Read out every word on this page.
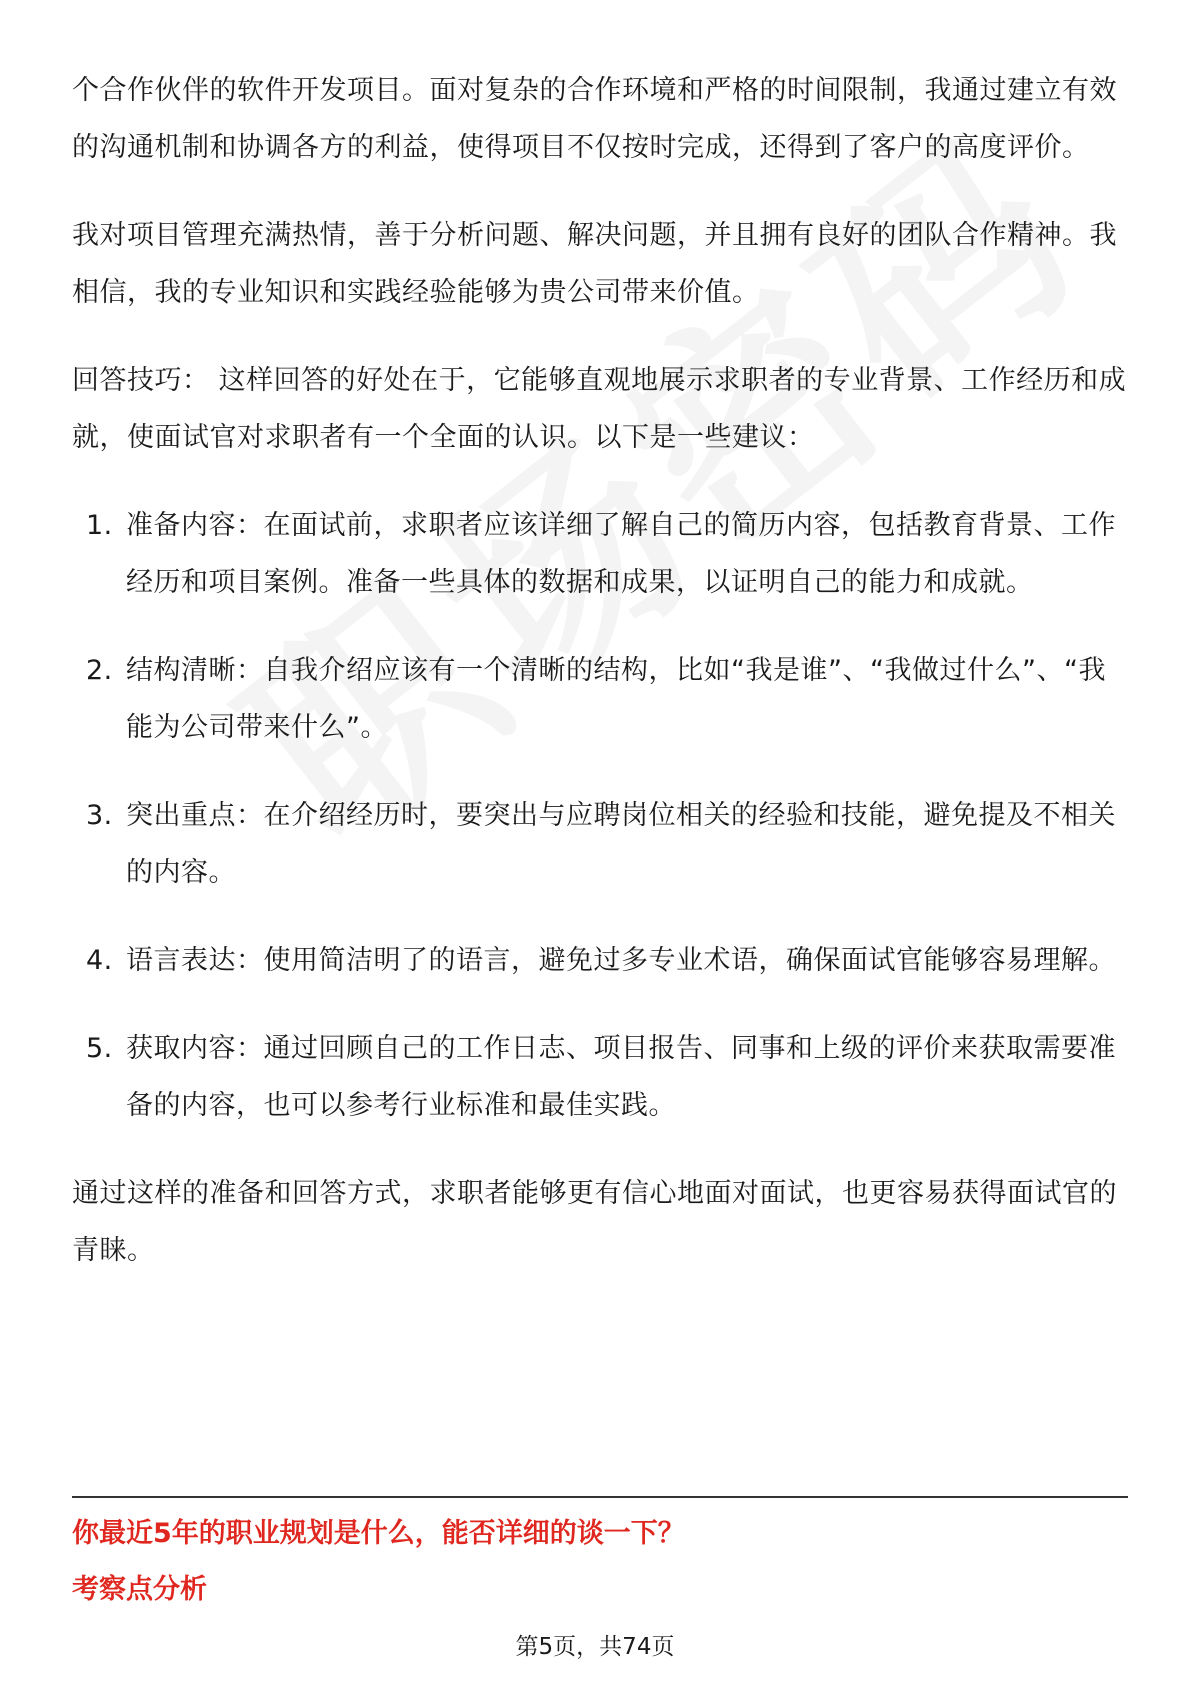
个合作伙伴的软件开发项目。面对复杂的合作环境和严格的时间限制，我通过建立有效的沟通机制和协调各方的利益，使得项目不仅按时完成，还得到了客户的高度评价。

我对项目管理充满热情，善于分析问题、解决问题，并且拥有良好的团队合作精神。我相信，我的专业知识和实践经验能够为贵公司带来价值。

回答技巧： 这样回答的好处在于，它能够直观地展示求职者的专业背景、工作经历和成就，使面试官对求职者有一个全面的认识。以下是一些建议：

1. 准备内容：在面试前，求职者应该详细了解自己的简历内容，包括教育背景、工作经历和项目案例。准备一些具体的数据和成果，以证明自己的能力和成就。
2. 结构清晰：自我介绍应该有一个清晰的结构，比如“我是谁”、“我做过什么”、“我能为公司带来什么”。
3. 突出重点：在介绍经历时，要突出与应聘岗位相关的经验和技能，避免提及不相关的内容。
4. 语言表达：使用简洁明了的语言，避免过多专业术语，确保面试官能够容易理解。
5. 获取内容：通过回顾自己的工作日志、项目报告、同事和上级的评价来获取需要准备的内容，也可以参考行业标准和最佳实践。

通过这样的准备和回答方式，求职者能够更有信心地面对面试，也更容易获得面试官的青睐。

你最近5年的职业规划是什么，能否详细的谈一下？
考察点分析
第5页，共74页
